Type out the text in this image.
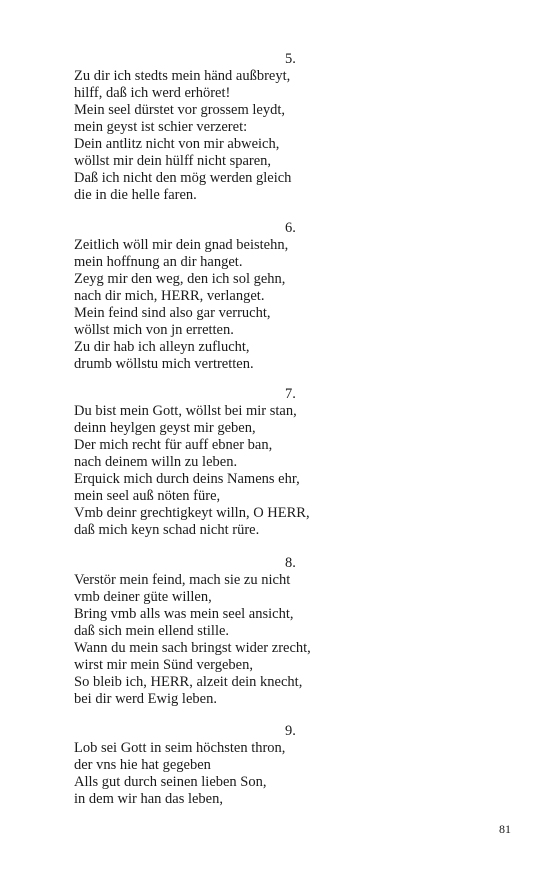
5.
Zu dir ich stedts mein händ außbreyt,
hilff, daß ich werd erhöret!
Mein seel dürstet vor grossem leydt,
mein geyst ist schier verzeret:
Dein antlitz nicht von mir abweich,
wöllst mir dein hülff nicht sparen,
Daß ich nicht den mög werden gleich
die in die helle faren.
6.
Zeitlich wöll mir dein gnad beistehn,
mein hoffnung an dir hanget.
Zeyg mir den weg, den ich sol gehn,
nach dir mich, HERR, verlanget.
Mein feind sind also gar verrucht,
wöllst mich von jn erretten.
Zu dir hab ich alleyn zuflucht,
drumb wöllstu mich vertretten.
7.
Du bist mein Gott, wöllst bei mir stan,
deinn heylgen geyst mir geben,
Der mich recht für auff ebner ban,
nach deinem willn zu leben.
Erquick mich durch deins Namens ehr,
mein seel auß nöten füre,
Vmb deinr grechtigkeyt willn, O HERR,
daß mich keyn schad nicht rüre.
8.
Verstör mein feind, mach sie zu nicht
vmb deiner güte willen,
Bring vmb alls was mein seel ansicht,
daß sich mein ellend stille.
Wann du mein sach bringst wider zrecht,
wirst mir mein Sünd vergeben,
So bleib ich, HERR, alzeit dein knecht,
bei dir werd Ewig leben.
9.
Lob sei Gott in seim höchsten thron,
der vns hie hat gegeben
Alls gut durch seinen lieben Son,
in dem wir han das leben,
81
